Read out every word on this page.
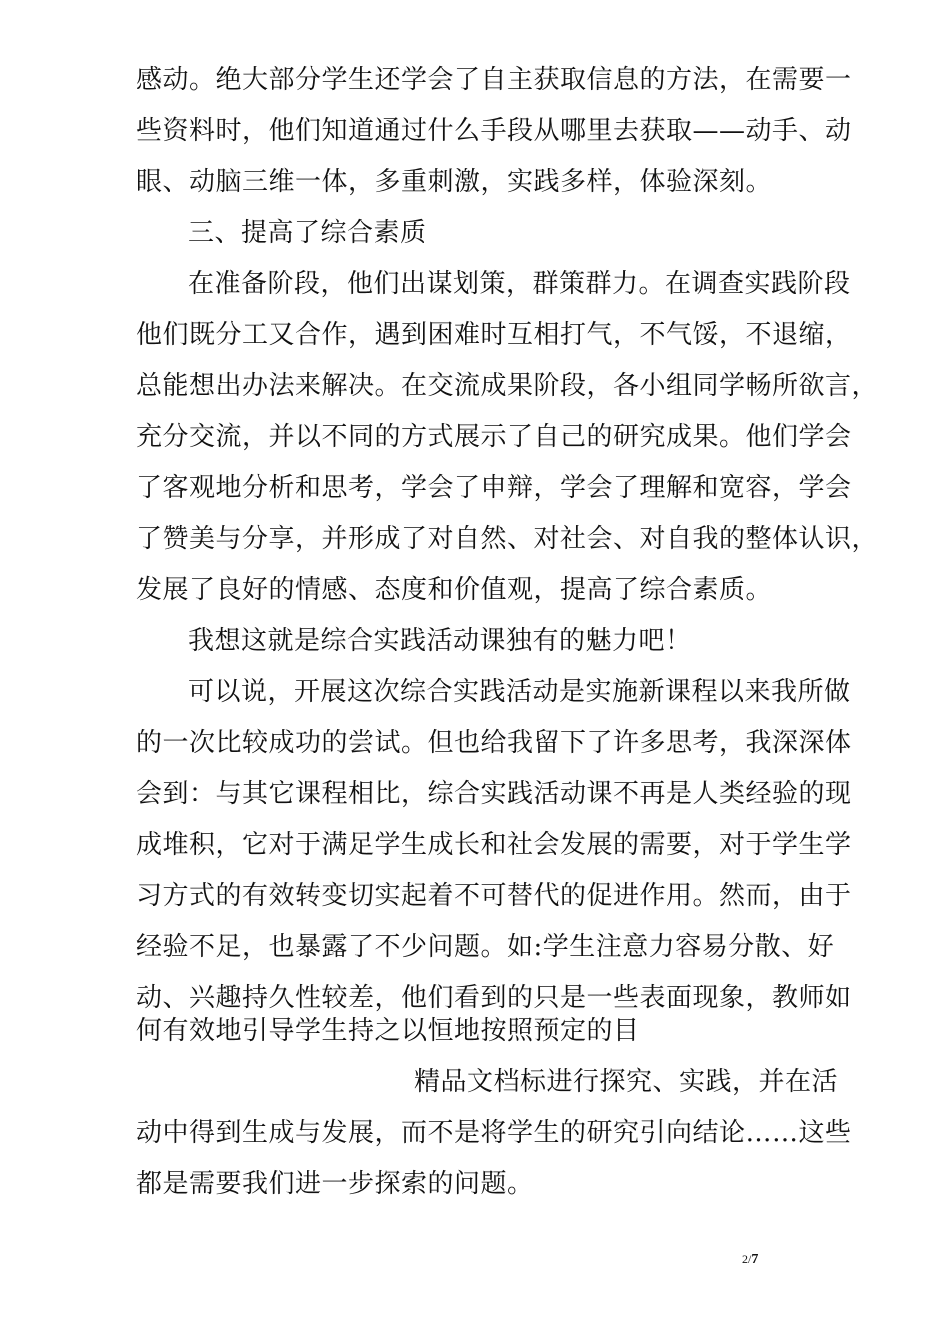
感动。绝大部分学生还学会了自主获取信息的方法，在需要一
些资料时，他们知道通过什么手段从哪里去获取——动手、动
眼、动脑三维一体，多重刺激，实践多样，体验深刻。
三、提高了综合素质
在准备阶段，他们出谋划策，群策群力。在调查实践阶段
他们既分工又合作，遇到困难时互相打气，不气馁，不退缩，
总能想出办法来解决。在交流成果阶段，各小组同学畅所欲言，
充分交流，并以不同的方式展示了自己的研究成果。他们学会
了客观地分析和思考，学会了申辩，学会了理解和宽容，学会
了赞美与分享，并形成了对自然、对社会、对自我的整体认识，
发展了良好的情感、态度和价值观，提高了综合素质。
我想这就是综合实践活动课独有的魅力吧！
可以说，开展这次综合实践活动是实施新课程以来我所做
的一次比较成功的尝试。但也给我留下了许多思考，我深深体
会到：与其它课程相比，综合实践活动课不再是人类经验的现
成堆积，它对于满足学生成长和社会发展的需要，对于学生学
习方式的有效转变切实起着不可替代的促进作用。然而，由于
经验不足，也暴露了不少问题。如:学生注意力容易分散、好
动、兴趣持久性较差，他们看到的只是一些表面现象，教师如
何有效地引导学生持之以恒地按照预定的目
精品文档标进行探究、实践，并在活
动中得到生成与发展，而不是将学生的研究引向结论……这些
都是需要我们进一步探索的问题。
2/7
